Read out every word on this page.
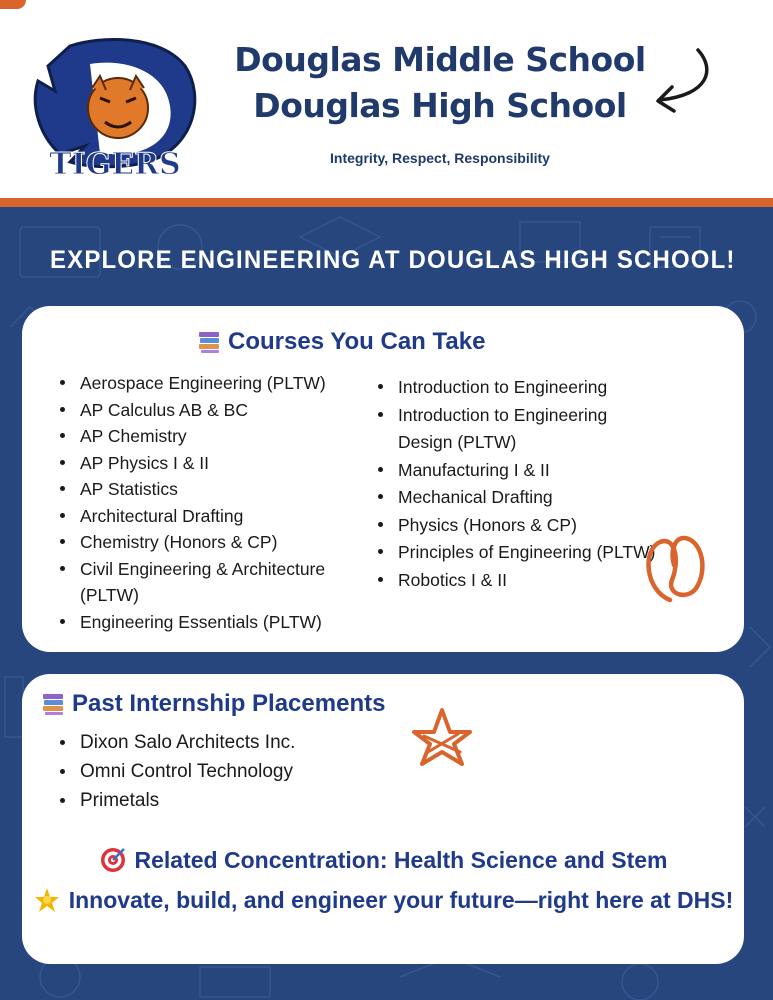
TIGERS
Douglas Middle School
Douglas High School
Integrity, Respect, Responsibility
EXPLORE ENGINEERING AT DOUGLAS HIGH SCHOOL!
Courses You Can Take
Aerospace Engineering (PLTW)
AP Calculus AB & BC
AP Chemistry
AP Physics I & II
AP Statistics
Architectural Drafting
Chemistry (Honors & CP)
Civil Engineering & Architecture (PLTW)
Engineering Essentials (PLTW)
Introduction to Engineering
Introduction to Engineering Design (PLTW)
Manufacturing I & II
Mechanical Drafting
Physics (Honors & CP)
Principles of Engineering (PLTW)
Robotics I & II
Past Internship Placements
Dixon Salo Architects Inc.
Omni Control Technology
Primetals
Related Concentration: Health Science and Stem
Innovate, build, and engineer your future—right here at DHS!
